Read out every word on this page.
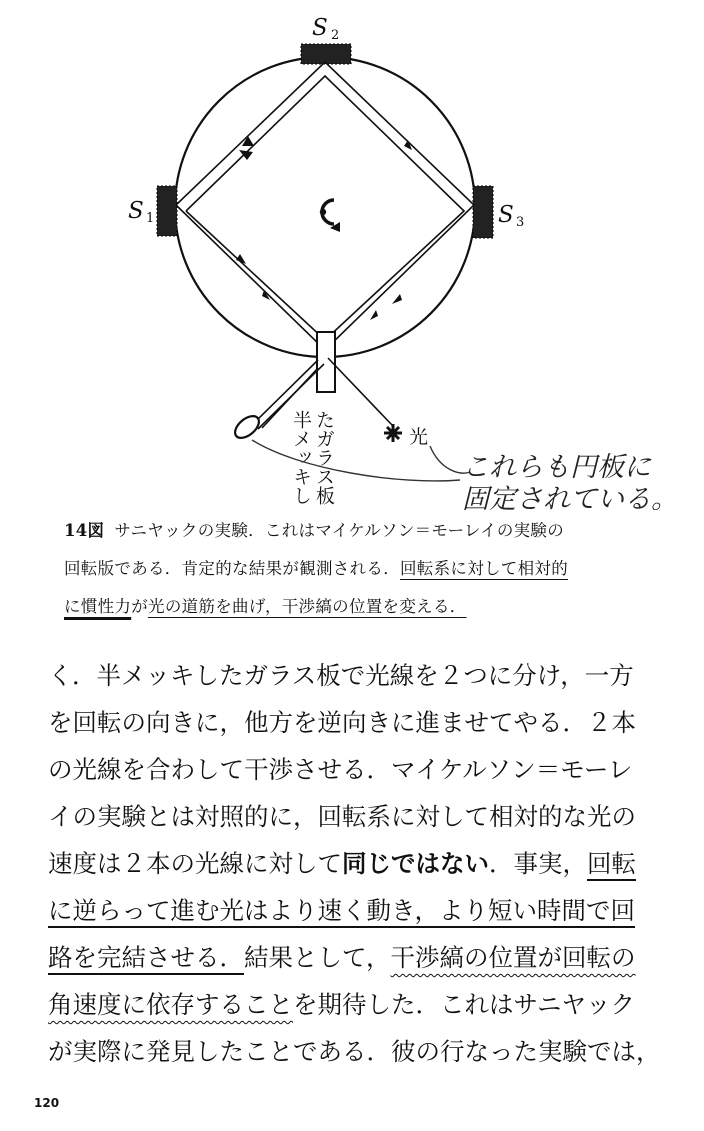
S 2
S 1	S 3
光
半メッキし たガラス板	これらも円板に
固定されている。

14図 サニヤックの実験．これはマイケルソン＝モーレイの実験の

回転版である．肯定的な結果が観測される．回転系に対して相対的

に慣性力が光の道筋を曲げ，干渉縞の位置を変える．

く．半メッキしたガラス板で光線を２つに分け，一方

を回転の向きに，他方を逆向きに進ませてやる．２本

の光線を合わして干渉させる．マイケルソン＝モーレ

イの実験とは対照的に，回転系に対して相対的な光の

速度は２本の光線に対して同じではない．事実，回転

に逆らって進む光はより速く動き，より短い時間で回

路を完結させる．結果として，干渉縞の位置が回転の

角速度に依存することを期待した．これはサニヤック

が実際に発見したことである．彼の行なった実験では，

120
